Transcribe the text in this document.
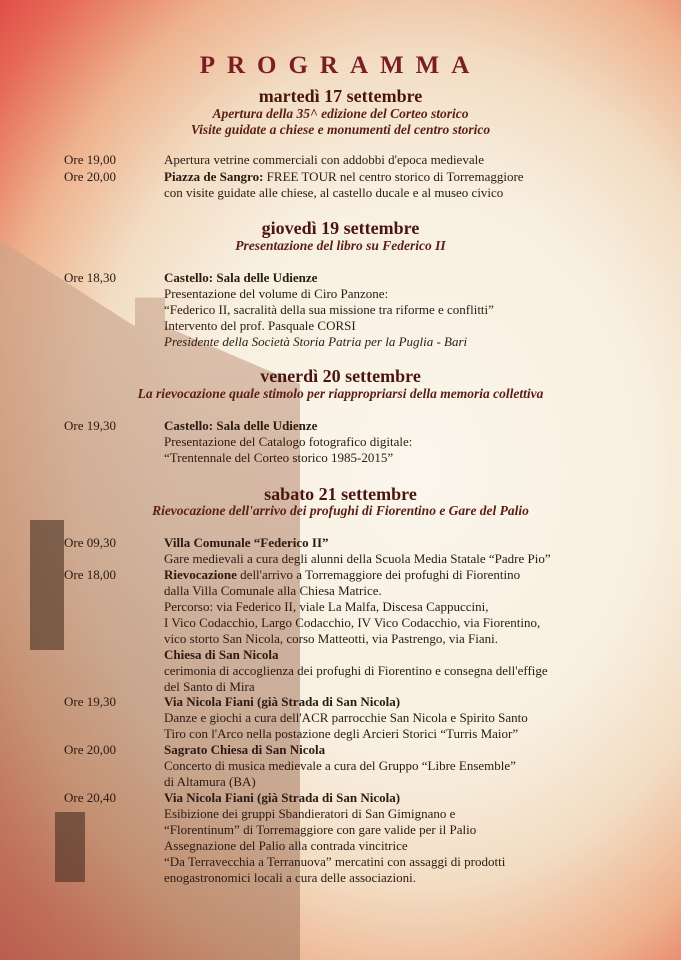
PROGRAMMA
martedì 17 settembre
Apertura della 35^ edizione del Corteo storico
Visite guidate a chiese e monumenti del centro storico
Ore 19,00	Apertura vetrine commerciali con addobbi d'epoca medievale
Ore 20,00	Piazza de Sangro: FREE TOUR nel centro storico di Torremaggiore
con visite guidate alle chiese, al castello ducale e al museo civico
giovedì 19 settembre
Presentazione del libro su Federico II
Ore 18,30	Castello: Sala delle Udienze
Presentazione del volume di Ciro Panzone:
“Federico II, sacralità della sua missione tra riforme e conflitti”
Intervento del prof. Pasquale CORSI
Presidente della Società Storia Patria per la Puglia - Bari
venerdì 20 settembre
La rievocazione quale stimolo per riappropriarsi della memoria collettiva
Ore 19,30	Castello: Sala delle Udienze
Presentazione del Catalogo fotografico digitale:
“Trentennale del Corteo storico 1985-2015”
sabato 21 settembre
Rievocazione dell'arrivo dei profughi di Fiorentino e Gare del Palio
Ore 09,30	Villa Comunale “Federico II”
Gare medievali a cura degli alunni della Scuola Media Statale “Padre Pio”
Ore 18,00	Rievocazione dell'arrivo a Torremaggiore dei profughi di Fiorentino
dalla Villa Comunale alla Chiesa Matrice.
Percorso: via Federico II, viale La Malfa, Discesa Cappuccini,
I Vico Codacchio, Largo Codacchio, IV Vico Codacchio, via Fiorentino,
vico storto San Nicola, corso Matteotti, via Pastrengo, via Fiani.
Chiesa di San Nicola
cerimonia di accoglienza dei profughi di Fiorentino e consegna dell'effige
del Santo di Mira
Ore 19,30	Via Nicola Fiani (già Strada di San Nicola)
Danze e giochi a cura dell'ACR parrocchie San Nicola e Spirito Santo
Tiro con l'Arco nella postazione degli Arcieri Storici “Turris Maior”
Ore 20,00	Sagrato Chiesa di San Nicola
Concerto di musica medievale a cura del Gruppo “Libre Ensemble”
di Altamura (BA)
Ore 20,40	Via Nicola Fiani (già Strada di San Nicola)
Esibizione dei gruppi Sbandieratori di San Gimignano e
“Florentinum” di Torremaggiore con gare valide per il Palio
Assegnazione del Palio alla contrada vincitrice
“Da Terravecchia a Terranuova” mercatini con assaggi di prodotti
enogastronomici locali a cura delle associazioni.
